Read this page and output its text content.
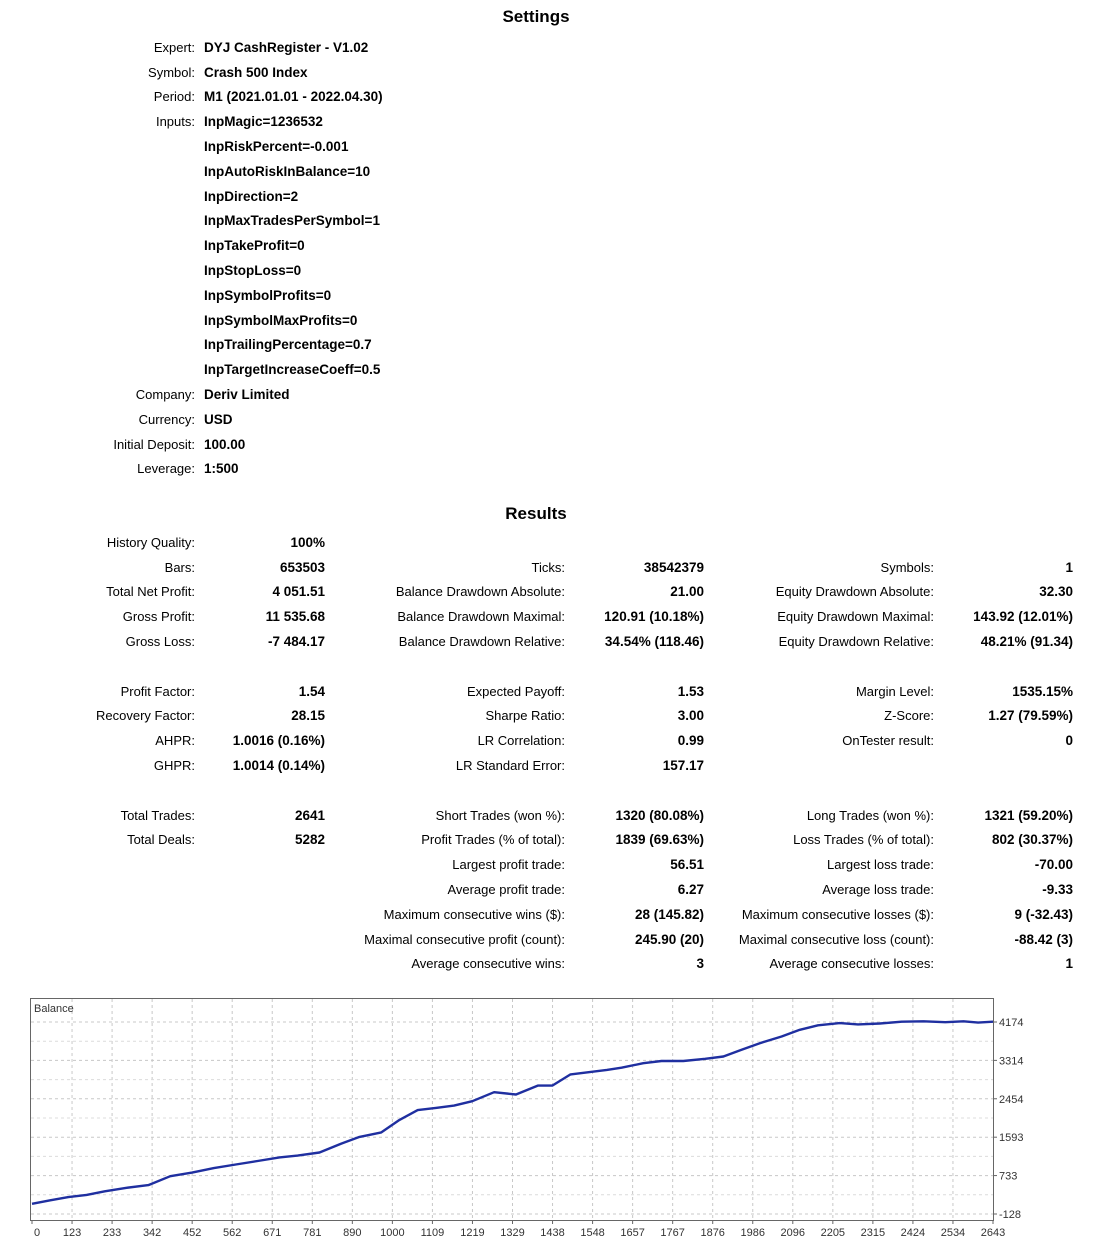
Settings
Expert: DYJ CashRegister - V1.02
Symbol: Crash 500 Index
Period: M1 (2021.01.01 - 2022.04.30)
Inputs: InpMagic=1236532
InpRiskPercent=-0.001
InpAutoRiskInBalance=10
InpDirection=2
InpMaxTradesPerSymbol=1
InpTakeProfit=0
InpStopLoss=0
InpSymbolProfits=0
InpSymbolMaxProfits=0
InpTrailingPercentage=0.7
InpTargetIncreaseCoeff=0.5
Company: Deriv Limited
Currency: USD
Initial Deposit: 100.00
Leverage: 1:500
Results
History Quality:	100%
Bars:	653503	Ticks:	38542379	Symbols:	1
Total Net Profit:	4 051.51	Balance Drawdown Absolute:	21.00	Equity Drawdown Absolute:	32.30
Gross Profit:	11 535.68	Balance Drawdown Maximal:	120.91 (10.18%)	Equity Drawdown Maximal:	143.92 (12.01%)
Gross Loss:	-7 484.17	Balance Drawdown Relative:	34.54% (118.46)	Equity Drawdown Relative:	48.21% (91.34)
Profit Factor:	1.54	Expected Payoff:	1.53	Margin Level:	1535.15%
Recovery Factor:	28.15	Sharpe Ratio:	3.00	Z-Score:	1.27 (79.59%)
AHPR:	1.0016 (0.16%)	LR Correlation:	0.99	OnTester result:	0
GHPR:	1.0014 (0.14%)	LR Standard Error:	157.17
Total Trades:	2641	Short Trades (won %):	1320 (80.08%)	Long Trades (won %):	1321 (59.20%)
Total Deals:	5282	Profit Trades (% of total):	1839 (69.63%)	Loss Trades (% of total):	802 (30.37%)
Largest profit trade:	56.51	Largest loss trade:	-70.00
Average profit trade:	6.27	Average loss trade:	-9.33
Maximum consecutive wins ($):	28 (145.82)	Maximum consecutive losses ($):	9 (-32.43)
Maximal consecutive profit (count):	245.90 (20)	Maximal consecutive loss (count):	-88.42 (3)
Average consecutive wins:	3	Average consecutive losses:	1
Balance
0 123 233 342 452 562 671 781 890 1000 1109 1219 1329 1438 1548 1657 1767 1876 1986 2096 2205 2315 2424 2534 2643
4174
3314
2454
1593
733
-128
